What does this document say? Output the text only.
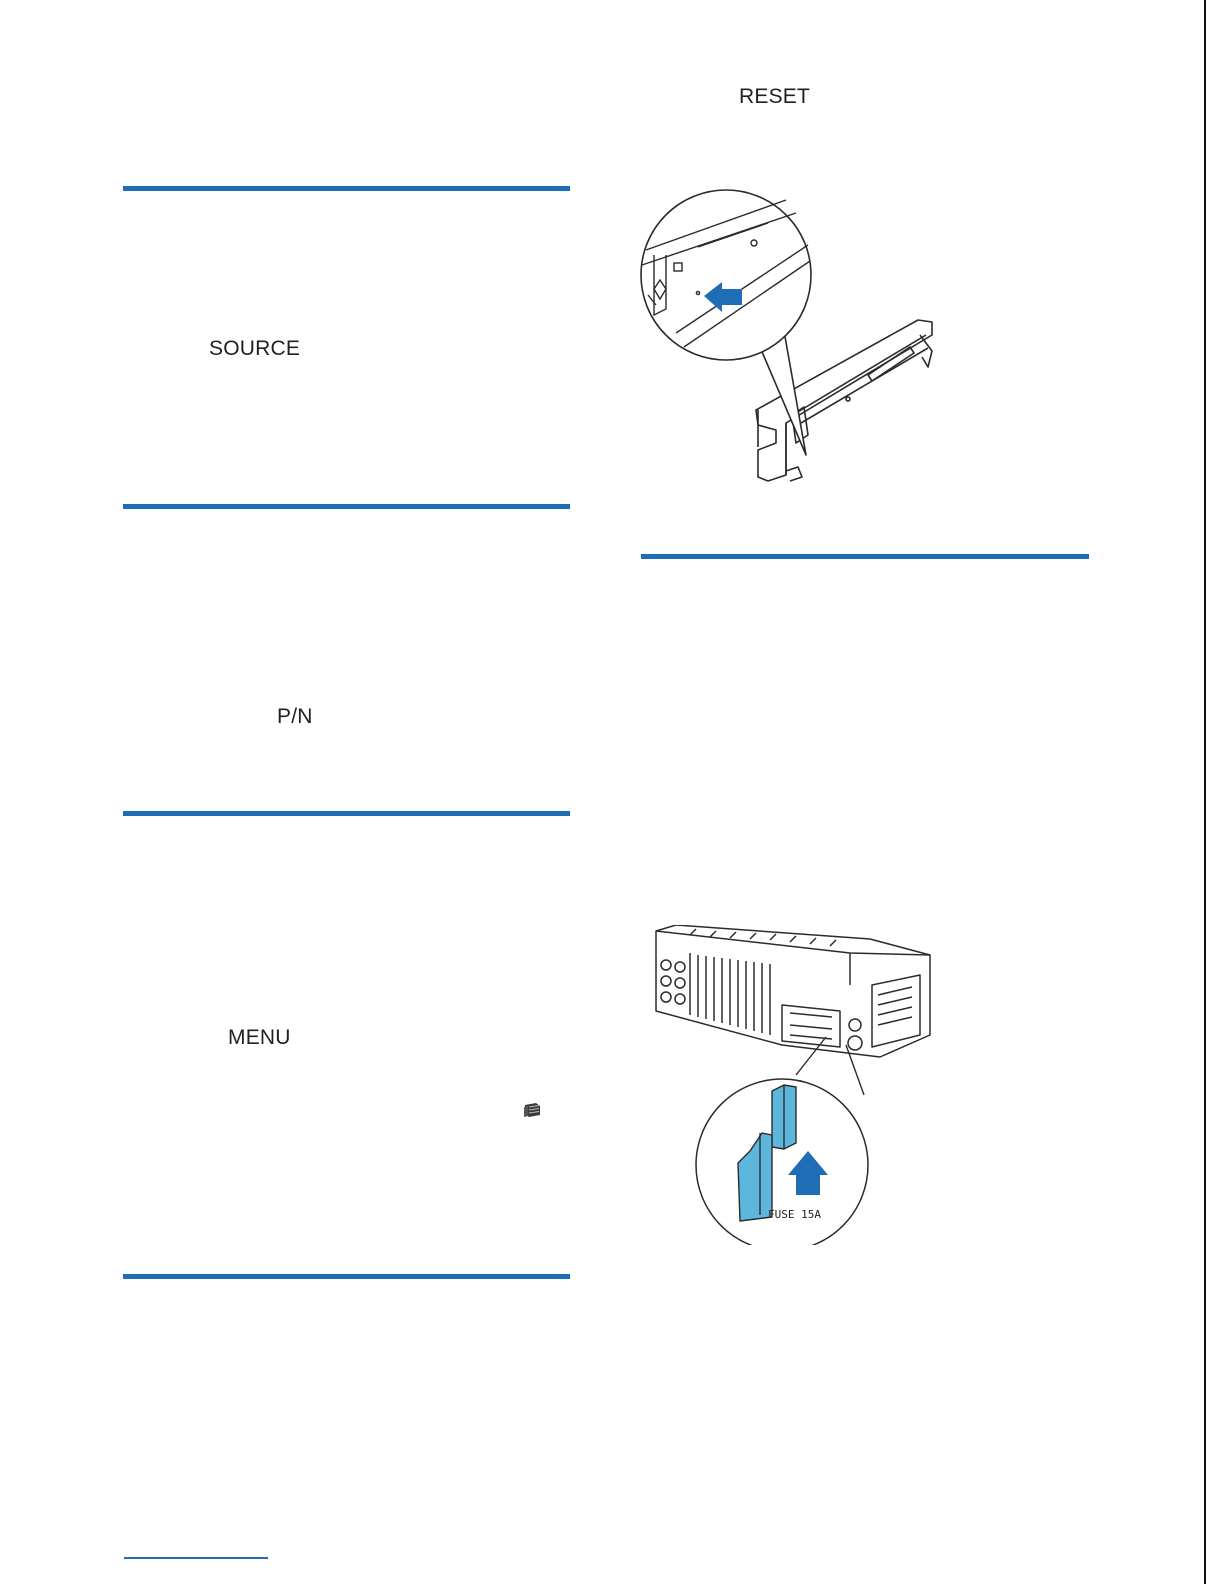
RESET
SOURCE
P/N
MENU
FUSE 15A
